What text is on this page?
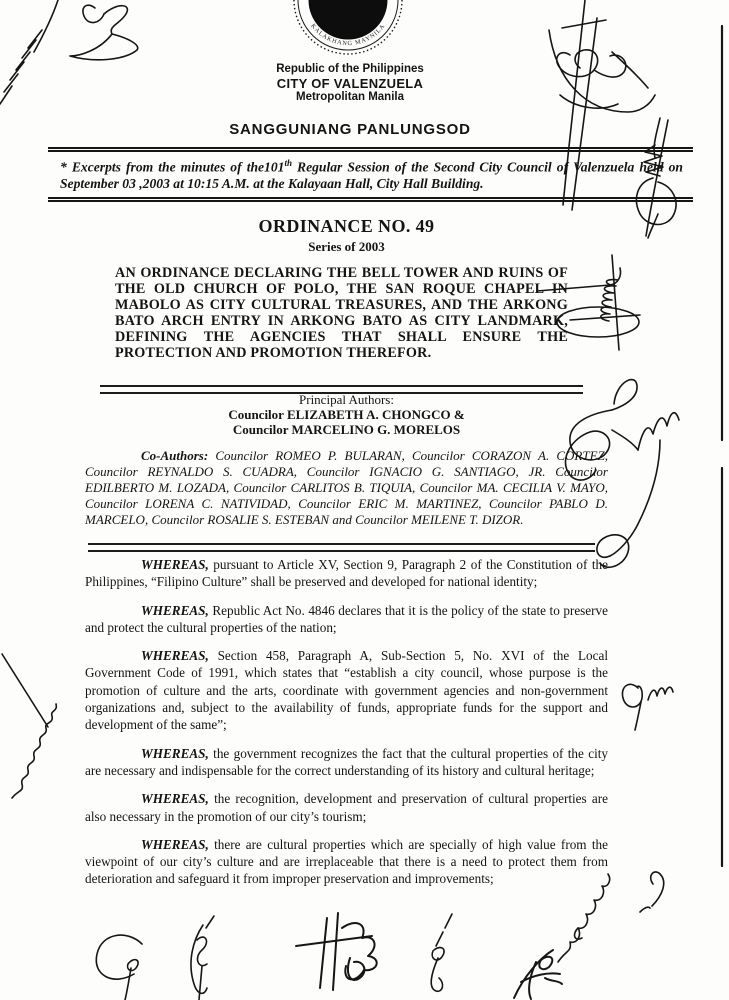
KALAKHANG MAYNILA
Republic of the Philippines
CITY OF VALENZUELA
Metropolitan Manila
SANGGUNIANG PANLUNGSOD
* Excerpts from the minutes of the101th Regular Session of the Second City Council of Valenzuela held on September 03 ,2003 at 10:15 A.M. at the Kalayaan Hall, City Hall Building.
ORDINANCE NO. 49
Series of 2003
AN ORDINANCE DECLARING THE BELL TOWER AND RUINS OF THE OLD CHURCH OF POLO, THE SAN ROQUE CHAPEL IN MABOLO AS CITY CULTURAL TREASURES, AND THE ARKONG BATO ARCH ENTRY IN ARKONG BATO AS CITY LANDMARK, DEFINING THE AGENCIES THAT SHALL ENSURE THE PROTECTION AND PROMOTION THEREFOR.
Principal Authors:
Councilor ELIZABETH A. CHONGCO &
Councilor MARCELINO G. MORELOS
Co-Authors: Councilor ROMEO P. BULARAN, Councilor CORAZON A. CORTEZ, Councilor REYNALDO S. CUADRA, Councilor IGNACIO G. SANTIAGO, JR. Councilor EDILBERTO M. LOZADA, Councilor CARLITOS B. TIQUIA, Councilor MA. CECILIA V. MAYO, Councilor LORENA C. NATIVIDAD, Councilor ERIC M. MARTINEZ, Councilor PABLO D. MARCELO, Councilor ROSALIE S. ESTEBAN and Councilor MEILENE T. DIZOR.

WHEREAS, pursuant to Article XV, Section 9, Paragraph 2 of the Constitution of the Philippines, “Filipino Culture” shall be preserved and developed for national identity;

WHEREAS, Republic Act No. 4846 declares that it is the policy of the state to preserve and protect the cultural properties of the nation;

WHEREAS, Section 458, Paragraph A, Sub-Section 5, No. XVI of the Local Government Code of 1991, which states that “establish a city council, whose purpose is the promotion of culture and the arts, coordinate with government agencies and non-government organizations and, subject to the availability of funds, appropriate funds for the support and development of the same”;

WHEREAS, the government recognizes the fact that the cultural properties of the city are necessary and indispensable for the correct understanding of its history and cultural heritage;

WHEREAS, the recognition, development and preservation of cultural properties are also necessary in the promotion of our city’s tourism;

WHEREAS, there are cultural properties which are specially of high value from the viewpoint of our city’s culture and are irreplaceable that there is a need to protect them from deterioration and safeguard it from improper preservation and improvements;
